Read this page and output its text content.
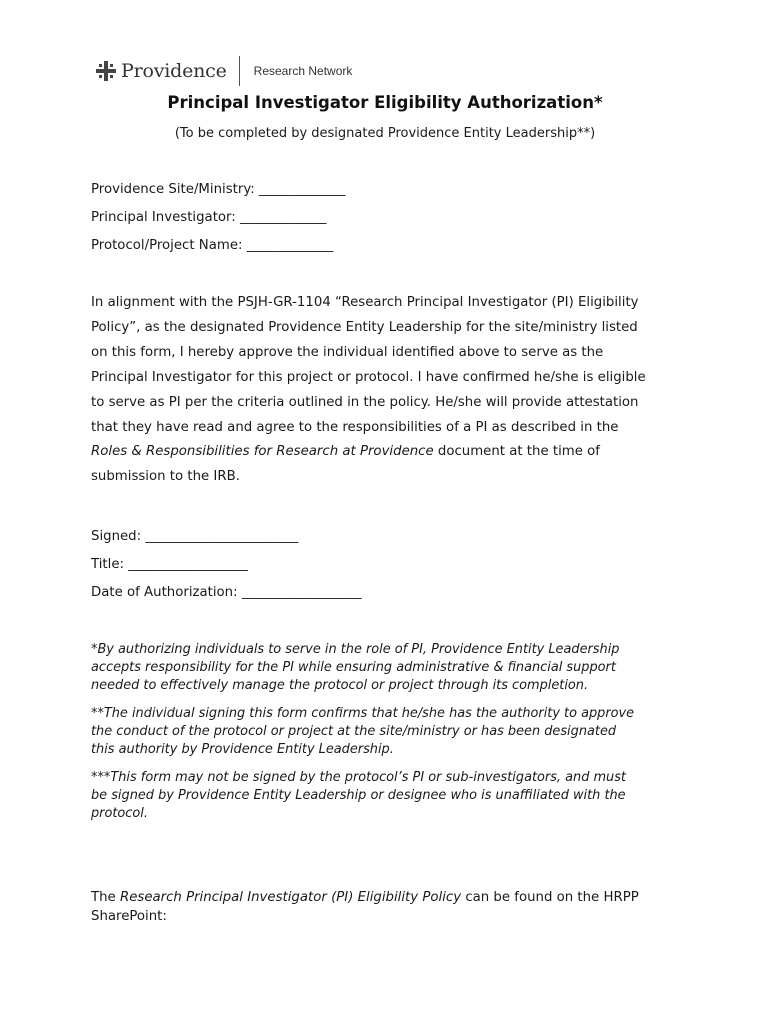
Providence Research Network
Principal Investigator Eligibility Authorization*
(To be completed by designated Providence Entity Leadership**)
Providence Site/Ministry: _____________
Principal Investigator: _____________
Protocol/Project Name: _____________

In alignment with the PSJH-GR-1104 “Research Principal Investigator (PI) Eligibility

Policy”, as the designated Providence Entity Leadership for the site/ministry listed

on this form, I hereby approve the individual identified above to serve as the

Principal Investigator for this project or protocol. I have confirmed he/she is eligible

to serve as PI per the criteria outlined in the policy. He/she will provide attestation

that they have read and agree to the responsibilities of a PI as described in the

Roles & Responsibilities for Research at Providence document at the time of

submission to the IRB.

Signed: _______________________
Title: __________________
Date of Authorization: __________________

*By authorizing individuals to serve in the role of PI, Providence Entity Leadership

accepts responsibility for the PI while ensuring administrative & financial support

needed to effectively manage the protocol or project through its completion.

**The individual signing this form confirms that he/she has the authority to approve

the conduct of the protocol or project at the site/ministry or has been designated

this authority by Providence Entity Leadership.

***This form may not be signed by the protocol’s PI or sub-investigators, and must

be signed by Providence Entity Leadership or designee who is unaffiliated with the

protocol.

The Research Principal Investigator (PI) Eligibility Policy can be found on the HRPP

SharePoint:
